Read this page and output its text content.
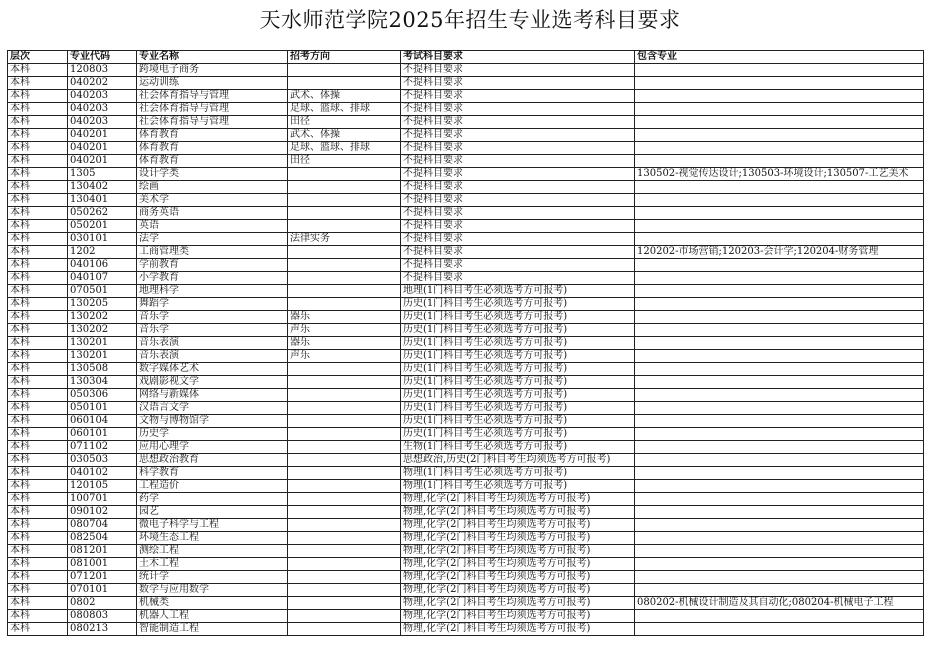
天水师范学院2025年招生专业选考科目要求
层次	专业代码	专业名称	招考方向	考试科目要求	包含专业
本科	120803	跨境电子商务		不提科目要求	
本科	040202	运动训练		不提科目要求	
本科	040203	社会体育指导与管理	武术、体操	不提科目要求	
本科	040203	社会体育指导与管理	足球、篮球、排球	不提科目要求	
本科	040203	社会体育指导与管理	田径	不提科目要求	
本科	040201	体育教育	武术、体操	不提科目要求	
本科	040201	体育教育	足球、篮球、排球	不提科目要求	
本科	040201	体育教育	田径	不提科目要求	
本科	1305	设计学类		不提科目要求	130502-视觉传达设计;130503-环境设计;130507-工艺美术
本科	130402	绘画		不提科目要求	
本科	130401	美术学		不提科目要求	
本科	050262	商务英语		不提科目要求	
本科	050201	英语		不提科目要求	
本科	030101	法学	法律实务	不提科目要求	
本科	1202	工商管理类		不提科目要求	120202-市场营销;120203-会计学;120204-财务管理
本科	040106	学前教育		不提科目要求	
本科	040107	小学教育		不提科目要求	
本科	070501	地理科学		地理(1门科目考生必须选考方可报考)	
本科	130205	舞蹈学		历史(1门科目考生必须选考方可报考)	
本科	130202	音乐学	器乐	历史(1门科目考生必须选考方可报考)	
本科	130202	音乐学	声乐	历史(1门科目考生必须选考方可报考)	
本科	130201	音乐表演	器乐	历史(1门科目考生必须选考方可报考)	
本科	130201	音乐表演	声乐	历史(1门科目考生必须选考方可报考)	
本科	130508	数字媒体艺术		历史(1门科目考生必须选考方可报考)	
本科	130304	戏剧影视文学		历史(1门科目考生必须选考方可报考)	
本科	050306	网络与新媒体		历史(1门科目考生必须选考方可报考)	
本科	050101	汉语言文学		历史(1门科目考生必须选考方可报考)	
本科	060104	文物与博物馆学		历史(1门科目考生必须选考方可报考)	
本科	060101	历史学		历史(1门科目考生必须选考方可报考)	
本科	071102	应用心理学		生物(1门科目考生必须选考方可报考)	
本科	030503	思想政治教育		思想政治,历史(2门科目考生均须选考方可报考)	
本科	040102	科学教育		物理(1门科目考生必须选考方可报考)	
本科	120105	工程造价		物理(1门科目考生必须选考方可报考)	
本科	100701	药学		物理,化学(2门科目考生均须选考方可报考)	
本科	090102	园艺		物理,化学(2门科目考生均须选考方可报考)	
本科	080704	微电子科学与工程		物理,化学(2门科目考生均须选考方可报考)	
本科	082504	环境生态工程		物理,化学(2门科目考生均须选考方可报考)	
本科	081201	测绘工程		物理,化学(2门科目考生均须选考方可报考)	
本科	081001	土木工程		物理,化学(2门科目考生均须选考方可报考)	
本科	071201	统计学		物理,化学(2门科目考生均须选考方可报考)	
本科	070101	数学与应用数学		物理,化学(2门科目考生均须选考方可报考)	
本科	0802	机械类		物理,化学(2门科目考生均须选考方可报考)	080202-机械设计制造及其自动化;080204-机械电子工程
本科	080803	机器人工程		物理,化学(2门科目考生均须选考方可报考)	
本科	080213	智能制造工程		物理,化学(2门科目考生均须选考方可报考)	
